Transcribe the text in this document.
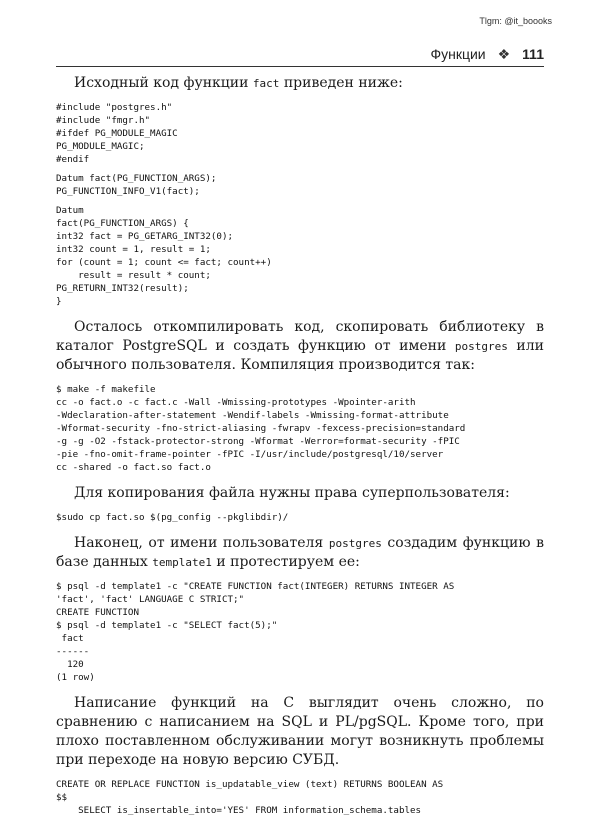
Tlgm: @it_boooks
Функции ❖ 111

Исходный код функции fact приведен ниже:

#include "postgres.h"
#include "fmgr.h"
#ifdef PG_MODULE_MAGIC
PG_MODULE_MAGIC;
#endif
Datum fact(PG_FUNCTION_ARGS);
PG_FUNCTION_INFO_V1(fact);
Datum
fact(PG_FUNCTION_ARGS) {
int32 fact = PG_GETARG_INT32(0);
int32 count = 1, result = 1;
for (count = 1; count <= fact; count++)
result = result * count;
PG_RETURN_INT32(result);
}

Осталось откомпилировать код, скопировать библиотеку в каталог PostgreSQL и создать функцию от имени postgres или обычного пользователя. Компиляция производится так:

$ make -f makefile
cc -o fact.o -c fact.c -Wall -Wmissing-prototypes -Wpointer-arith
-Wdeclaration-after-statement -Wendif-labels -Wmissing-format-attribute
-Wformat-security -fno-strict-aliasing -fwrapv -fexcess-precision=standard
-g -g -O2 -fstack-protector-strong -Wformat -Werror=format-security -fPIC
-pie -fno-omit-frame-pointer -fPIC -I/usr/include/postgresql/10/server
cc -shared -o fact.so fact.o

Для копирования файла нужны права суперпользователя:

$sudo cp fact.so $(pg_config --pkglibdir)/

Наконец, от имени пользователя postgres создадим функцию в базе данных template1 и протестируем ее:

$ psql -d template1 -c "CREATE FUNCTION fact(INTEGER) RETURNS INTEGER AS
'fact', 'fact' LANGUAGE C STRICT;"
CREATE FUNCTION
$ psql -d template1 -c "SELECT fact(5);"
fact
------
120
(1 row)

Написание функций на С выглядит очень сложно, по сравнению с написанием на SQL и PL/pgSQL. Кроме того, при плохо поставленном обслуживании могут возникнуть проблемы при переходе на новую версию СУБД.

CREATE OR REPLACE FUNCTION is_updatable_view (text) RETURNS BOOLEAN AS
$$
SELECT is_insertable_into='YES' FROM information_schema.tables
